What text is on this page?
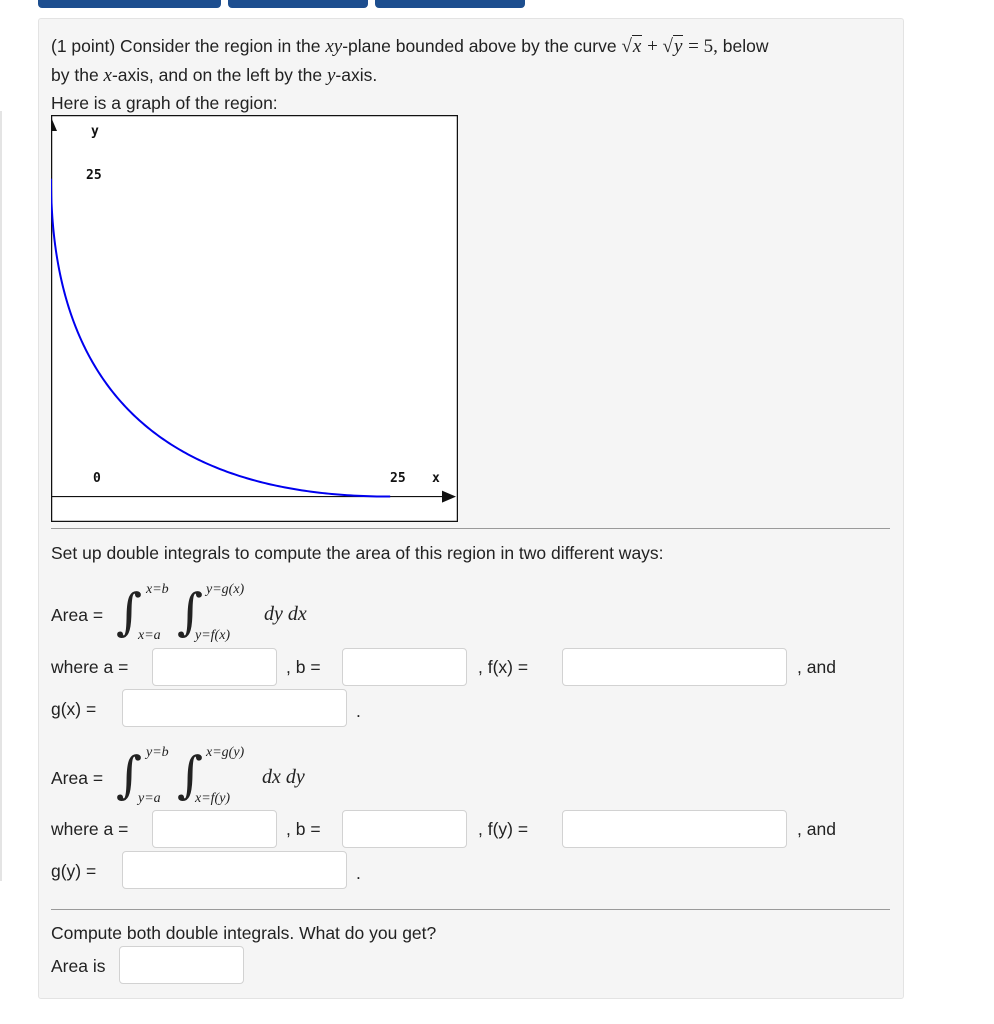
(1 point) Consider the region in the xy-plane bounded above by the curve √x + √y = 5, below
by the x-axis, and on the left by the y-axis.
Here is a graph of the region:
y
x
25
25
0
Set up double integrals to compute the area of this region in two different ways:
Area = ∫ ∫
x=b
x=a
y=g(x)
y=f(x)
dy dx
where a =	, b =	, f(x) =	, and
g(x) =	.
Area = ∫ ∫
y=b
y=a
x=g(y)
x=f(y)
dx dy
where a =	, b =	, f(y) =	, and
g(y) =	.
Compute both double integrals. What do you get?
Area is
